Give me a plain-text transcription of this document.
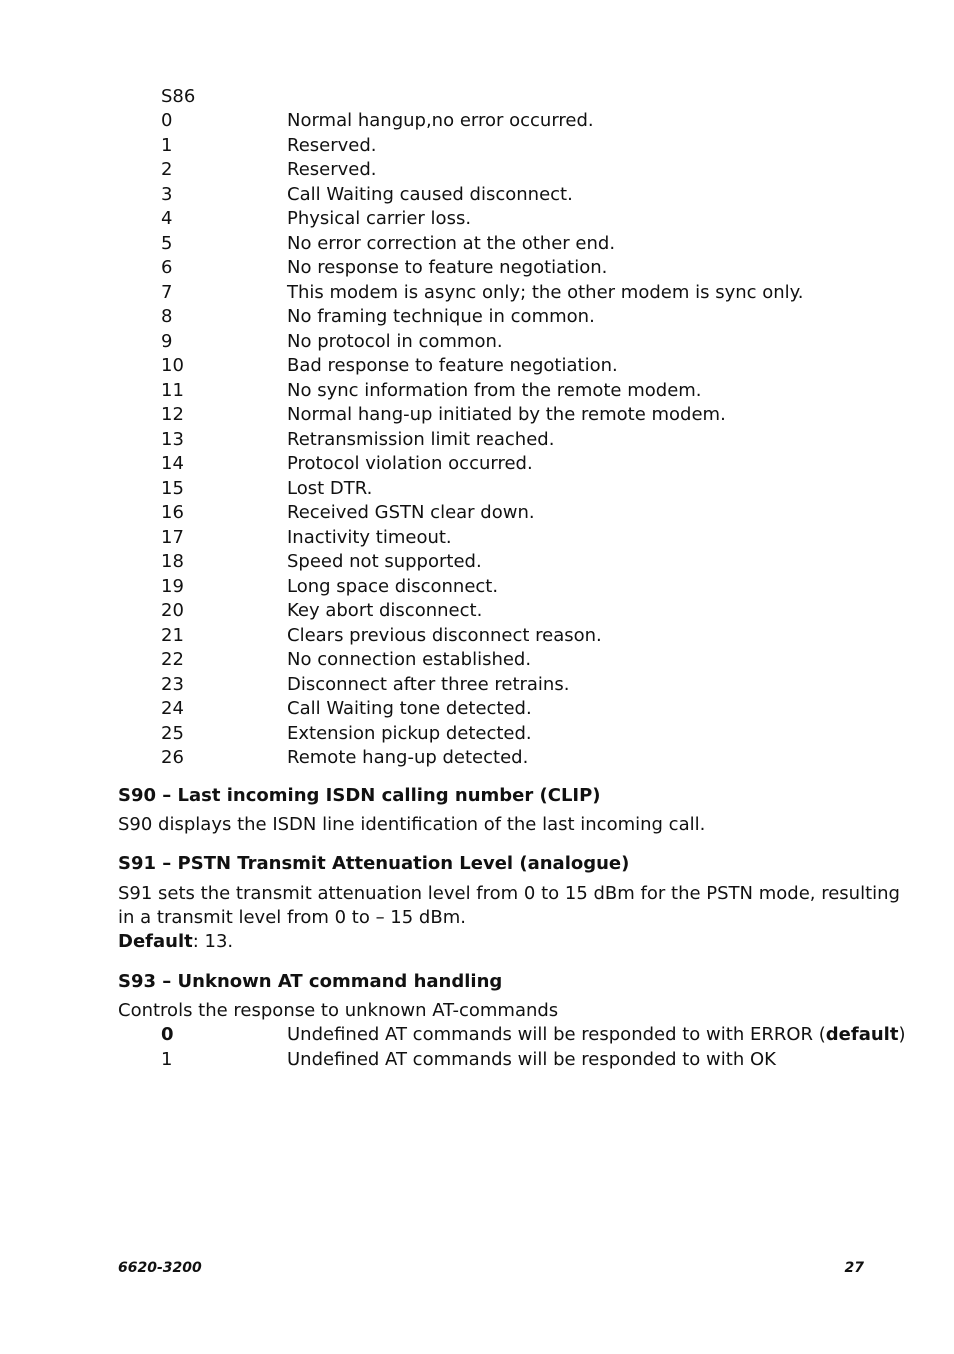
S86
0	Normal hangup,no error occurred.
1	Reserved.
2	Reserved.
3	Call Waiting caused disconnect.
4	Physical carrier loss.
5	No error correction at the other end.
6	No response to feature negotiation.
7	This modem is async only; the other modem is sync only.
8	No framing technique in common.
9	No protocol in common.
10	Bad response to feature negotiation.
11	No sync information from the remote modem.
12	Normal hang-up initiated by the remote modem.
13	Retransmission limit reached.
14	Protocol violation occurred.
15	Lost DTR.
16	Received GSTN clear down.
17	Inactivity timeout.
18	Speed not supported.
19	Long space disconnect.
20	Key abort disconnect.
21	Clears previous disconnect reason.
22	No connection established.
23	Disconnect after three retrains.
24	Call Waiting tone detected.
25	Extension pickup detected.
26	Remote hang-up detected.
S90 – Last incoming ISDN calling number (CLIP)
S90 displays the ISDN line identification of the last incoming call.
S91 – PSTN Transmit Attenuation Level (analogue)
S91 sets the transmit attenuation level from 0 to 15 dBm for the PSTN mode, resulting
in a transmit level from 0 to – 15 dBm.
Default: 13.
S93 – Unknown AT command handling
Controls the response to unknown AT-commands
0	Undefined AT commands will be responded to with ERROR (default)
1	Undefined AT commands will be responded to with OK
6620-3200	27
